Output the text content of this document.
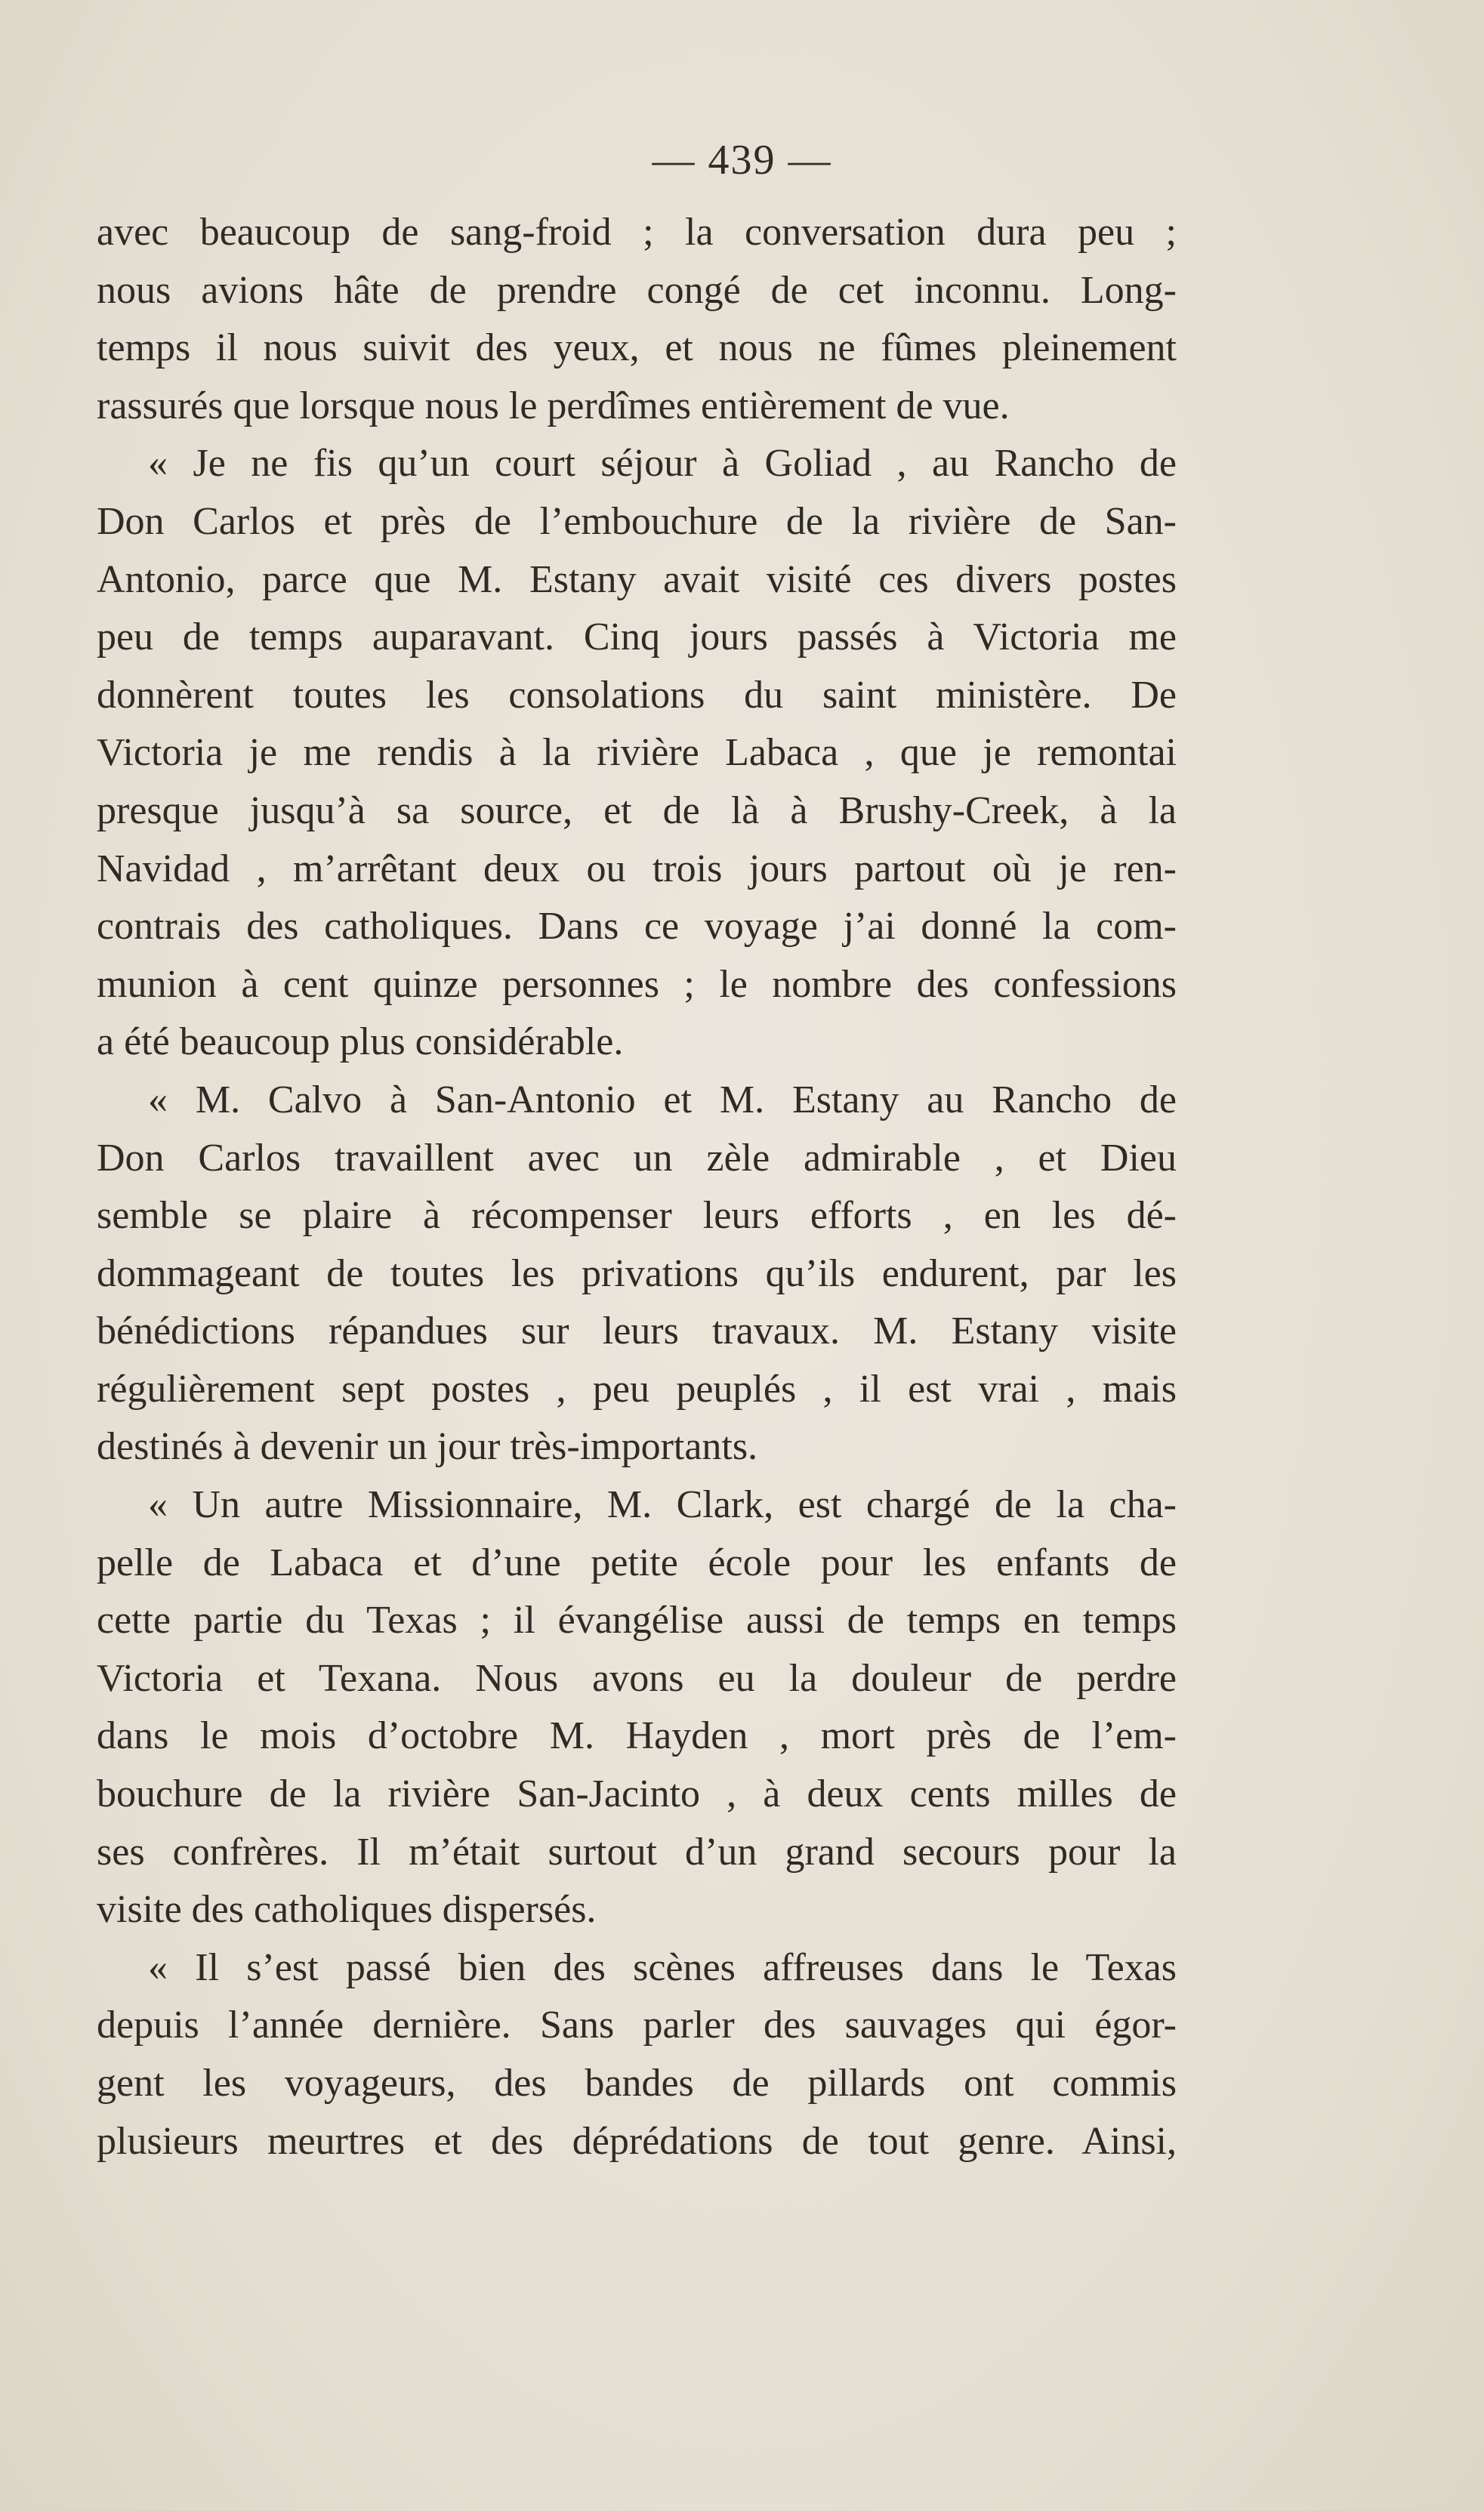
— 439 —
avec beaucoup de sang-froid ; la conversation dura peu ;
nous avions hâte de prendre congé de cet inconnu. Long-
temps il nous suivit des yeux, et nous ne fûmes pleinement
rassurés que lorsque nous le perdîmes entièrement de vue.
« Je ne fis qu’un court séjour à Goliad , au Rancho de
Don Carlos et près de l’embouchure de la rivière de San-
Antonio, parce que M. Estany avait visité ces divers postes
peu de temps auparavant. Cinq jours passés à Victoria me
donnèrent toutes les consolations du saint ministère. De
Victoria je me rendis à la rivière Labaca , que je remontai
presque jusqu’à sa source, et de là à Brushy-Creek, à la
Navidad , m’arrêtant deux ou trois jours partout où je ren-
contrais des catholiques. Dans ce voyage j’ai donné la com-
munion à cent quinze personnes ; le nombre des confessions
a été beaucoup plus considérable.
« M. Calvo à San-Antonio et M. Estany au Rancho de
Don Carlos travaillent avec un zèle admirable , et Dieu
semble se plaire à récompenser leurs efforts , en les dé-
dommageant de toutes les privations qu’ils endurent, par les
bénédictions répandues sur leurs travaux. M. Estany visite
régulièrement sept postes , peu peuplés , il est vrai , mais
destinés à devenir un jour très-importants.
« Un autre Missionnaire, M. Clark, est chargé de la cha-
pelle de Labaca et d’une petite école pour les enfants de
cette partie du Texas ; il évangélise aussi de temps en temps
Victoria et Texana. Nous avons eu la douleur de perdre
dans le mois d’octobre M. Hayden , mort près de l’em-
bouchure de la rivière San-Jacinto , à deux cents milles de
ses confrères. Il m’était surtout d’un grand secours pour la
visite des catholiques dispersés.
« Il s’est passé bien des scènes affreuses dans le Texas
depuis l’année dernière. Sans parler des sauvages qui égor-
gent les voyageurs, des bandes de pillards ont commis
plusieurs meurtres et des déprédations de tout genre. Ainsi,
